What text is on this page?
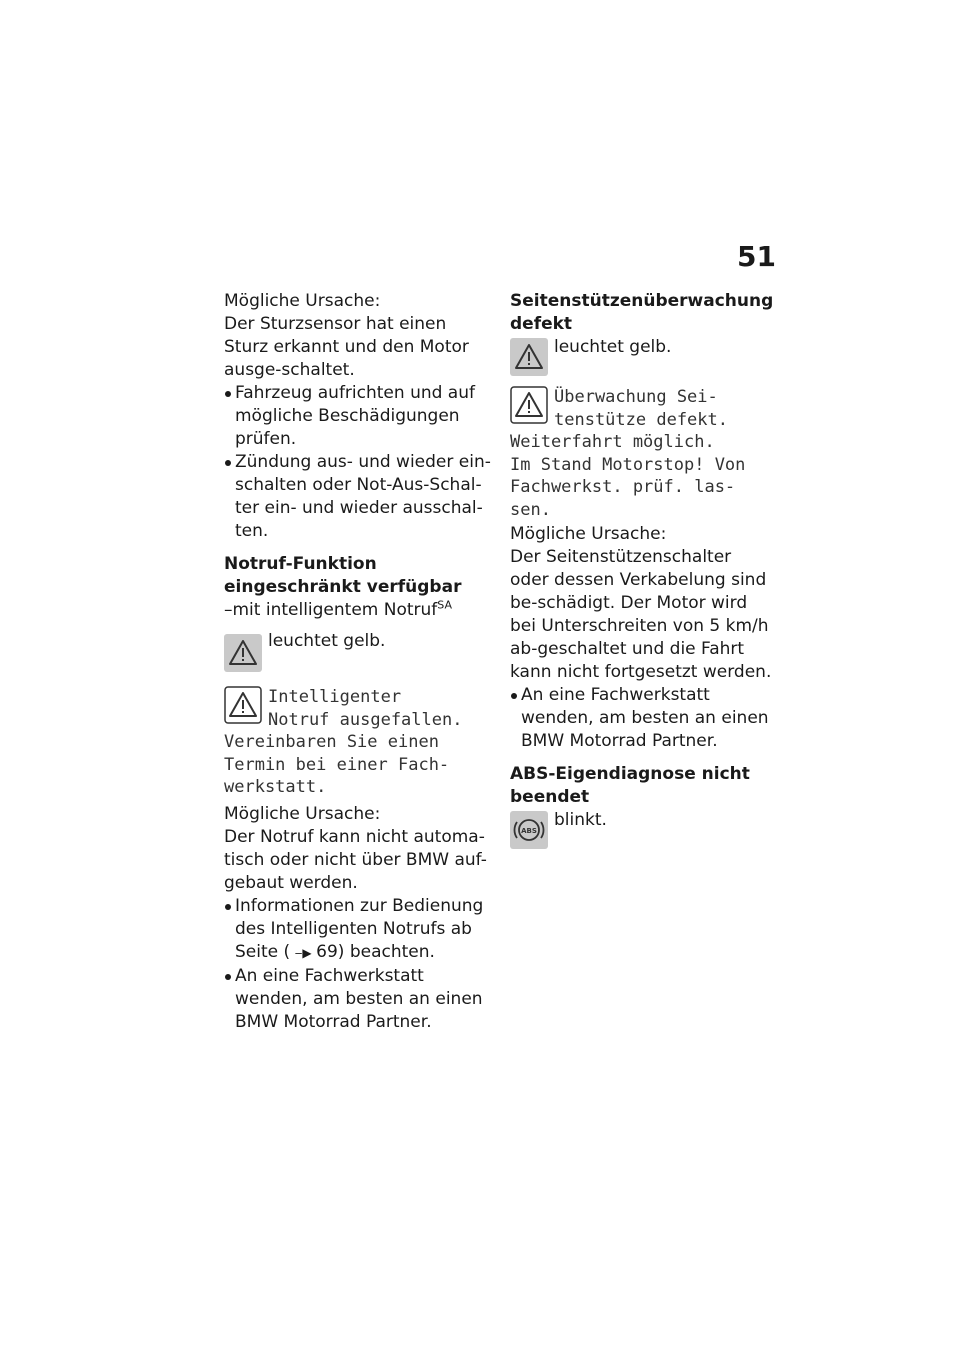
51

Mögliche Ursache:

Der Sturzsensor hat einen Sturz erkannt und den Motor ausge-schaltet.

Fahrzeug aufrichten und auf mögliche Beschädigungen prüfen.
Zündung aus- und wieder ein-schalten oder Not-Aus-Schal-ter ein- und wieder ausschal-ten.

Notruf-Funktion eingeschränkt verfügbar

–mit intelligentem Notruf$^{SA}$

leuchtet gelb.
Intelligenter
Notruf ausgefallen.
Vereinbaren Sie einen
Termin bei einer Fach-
werkstatt.

Mögliche Ursache:

Der Notruf kann nicht automa-tisch oder nicht über BMW auf-gebaut werden.

Informationen zur Bedienung des Intelligenten Notrufs ab Seite ( ‒▶ 69) beachten.
An eine Fachwerkstatt wenden, am besten an einen BMW Motorrad Partner.

Seitenstützenüberwachung defekt

leuchtet gelb.
Überwachung Sei-
tenstütze defekt.
Weiterfahrt möglich.
Im Stand Motorstop! Von
Fachwerkst. prüf. las-
sen.

Mögliche Ursache:

Der Seitenstützenschalter oder dessen Verkabelung sind be-schädigt. Der Motor wird bei Unterschreiten von 5 km/h ab-geschaltet und die Fahrt kann nicht fortgesetzt werden.

An eine Fachwerkstatt wenden, am besten an einen BMW Motorrad Partner.

ABS-Eigendiagnose nicht beendet

ABS
blinkt.
